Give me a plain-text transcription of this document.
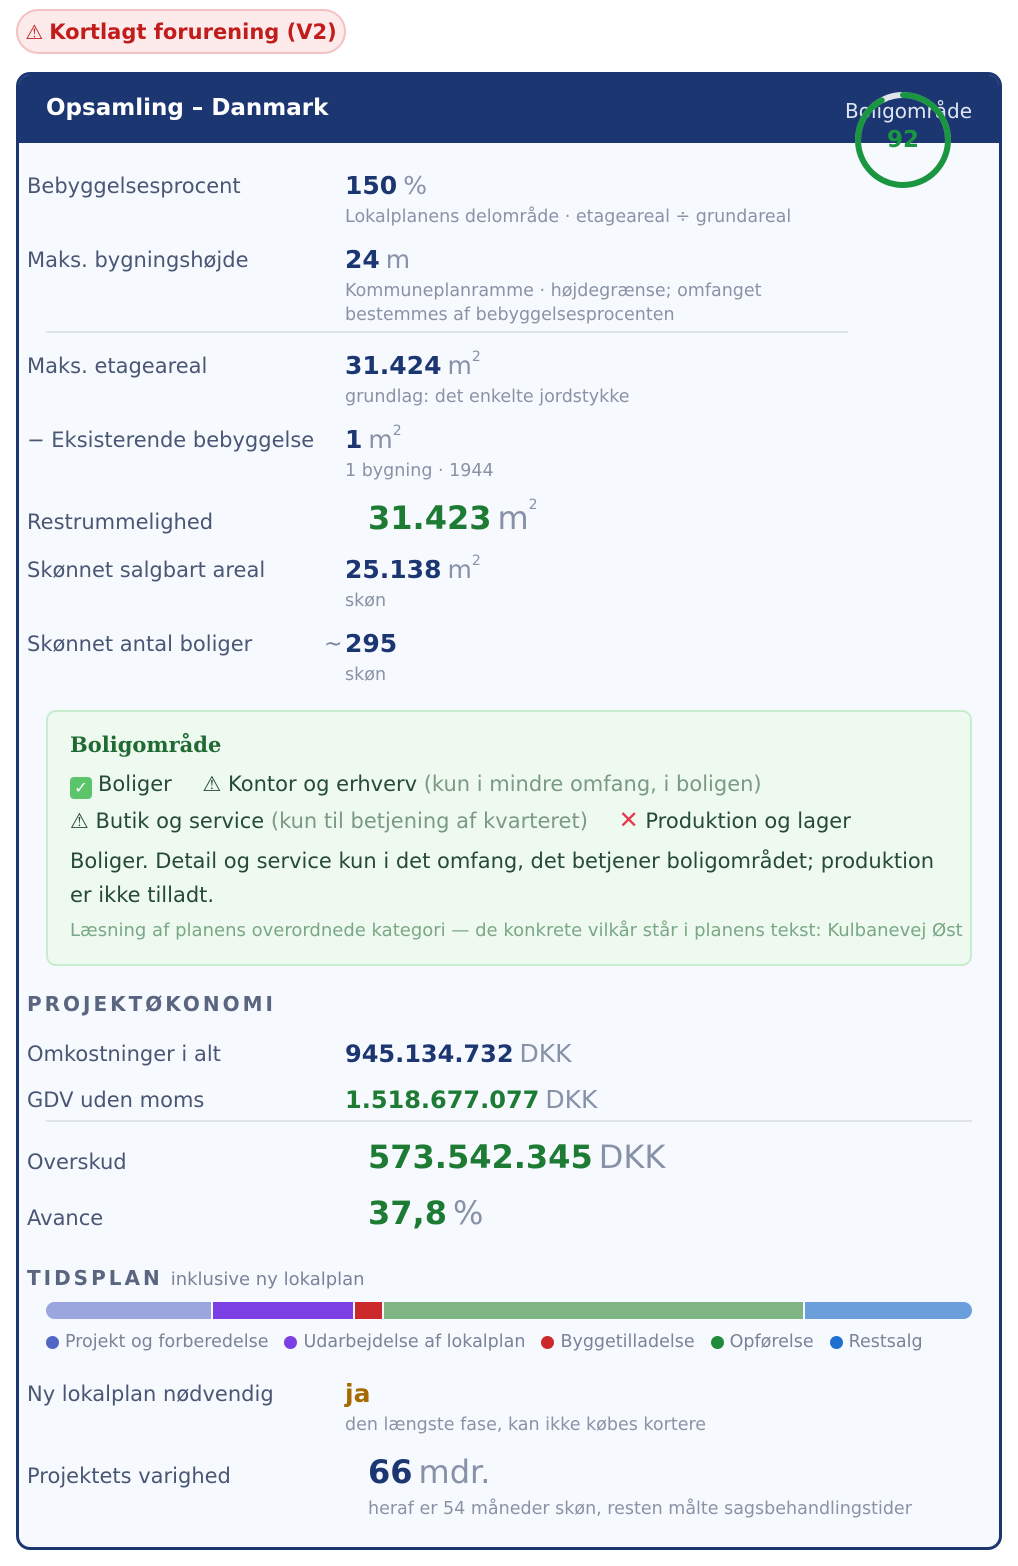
⚠ Kortlagt forurening (V2)
Opsamling – Danmark	Boligområde
92
Bebyggelsesprocent	150 %
Lokalplanens delområde · etageareal ÷ grundareal
Maks. bygningshøjde	24 m
Kommuneplanramme · højdegrænse; omfanget
bestemmes af bebyggelsesprocenten
Maks. etageareal	31.424 $m^2$
grundlag: det enkelte jordstykke
− Eksisterende bebyggelse 1 $m^2$
1 bygning · 1944
Restrummelighed	31.423 $m^2$
Skønnet salgbart areal	25.138 $m^2$
skøn
Skønnet antal boliger	~ 295
skøn
Boligområde
✓ Boliger ⚠ Kontor og erhverv (kun i mindre omfang, i boligen)
⚠ Butik og service (kun til betjening af kvarteret) ✕ Produktion og lager
Boliger. Detail og service kun i det omfang, det betjener boligområdet; produktion er ikke tilladt.
Læsning af planens overordnede kategori — de konkrete vilkår står i planens tekst: Kulbanevej Øst
PROJEKTØKONOMI
Omkostninger i alt	945.134.732 DKK
GDV uden moms	1.518.677.077 DKK
Overskud	573.542.345 DKK
Avance	37,8 %
TIDSPLAN inklusive ny lokalplan
Projekt og forberedelse Udarbejdelse af lokalplan Byggetilladelse Opførelse Restsalg
Ny lokalplan nødvendig	ja
den længste fase, kan ikke købes kortere
Projektets varighed	66 mdr.
heraf er 54 måneder skøn, resten målte sagsbehandlingstider
